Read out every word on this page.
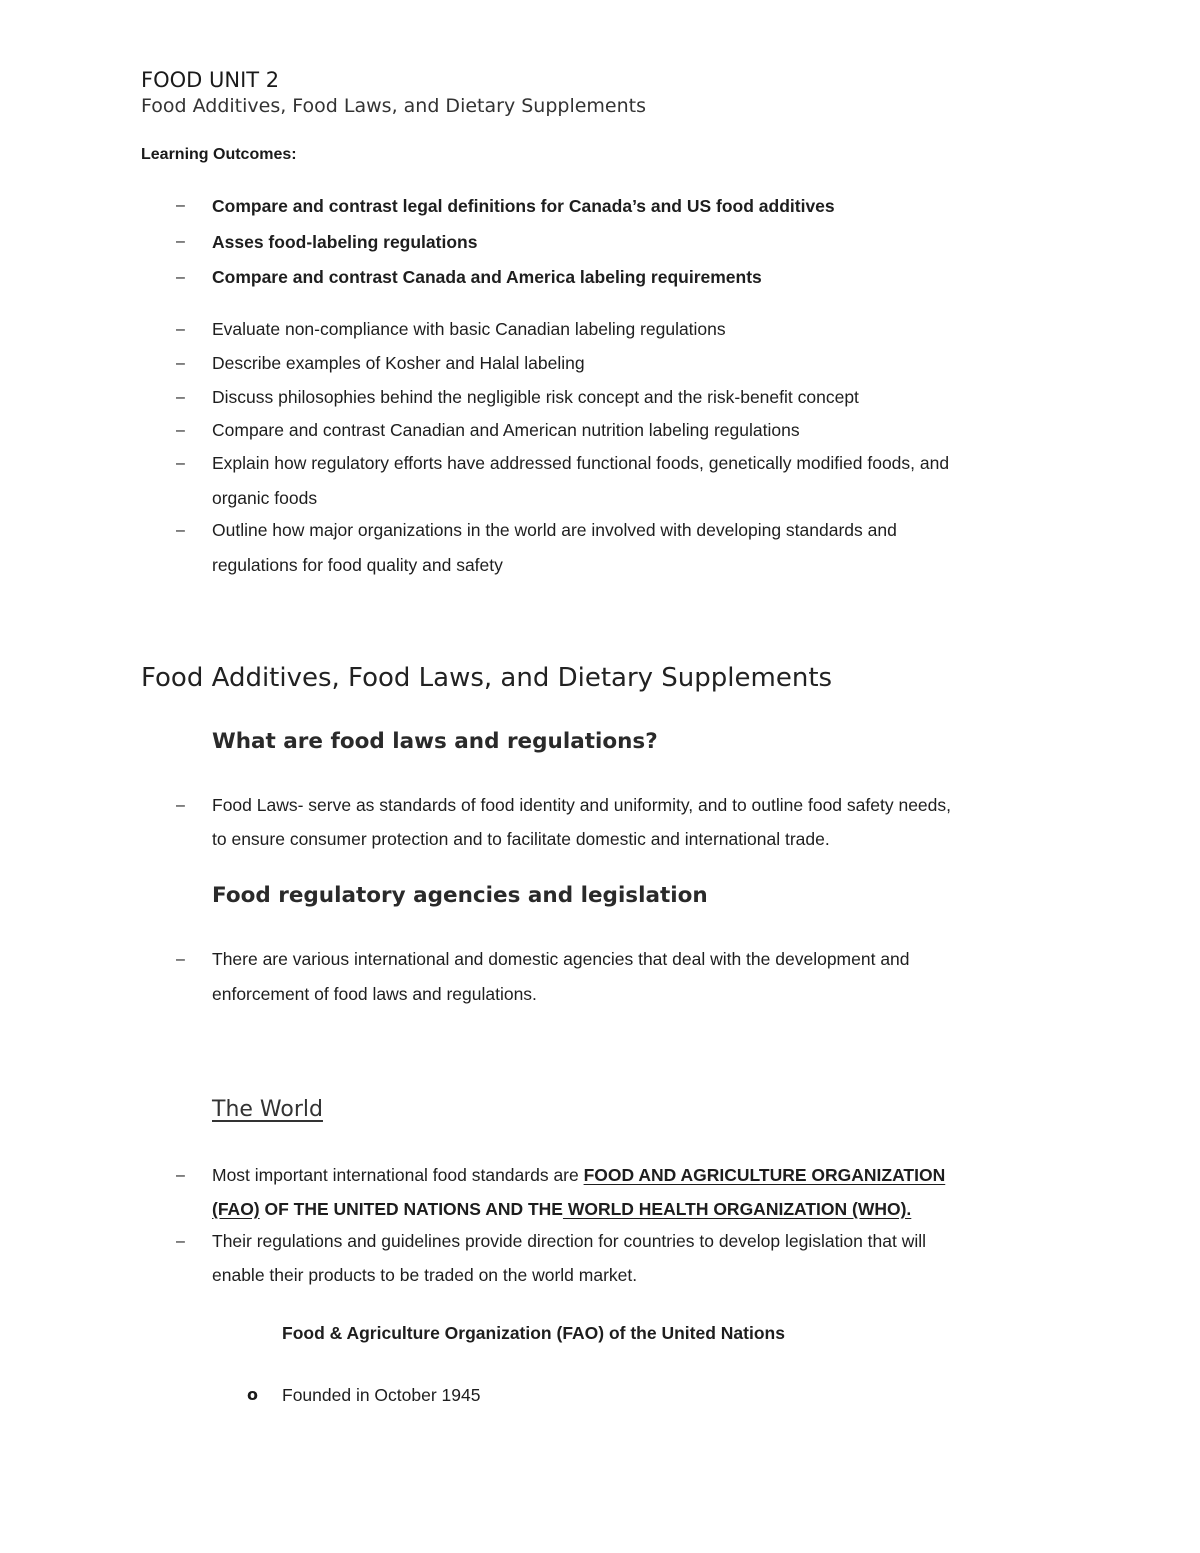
FOOD UNIT 2
Food Additives, Food Laws, and Dietary Supplements
Learning Outcomes:
– Compare and contrast legal definitions for Canada’s and US food additives
– Asses food-labeling regulations
– Compare and contrast Canada and America labeling requirements
– Evaluate non-compliance with basic Canadian labeling regulations
– Describe examples of Kosher and Halal labeling
– Discuss philosophies behind the negligible risk concept and the risk-benefit concept
– Compare and contrast Canadian and American nutrition labeling regulations
– Explain how regulatory efforts have addressed functional foods, genetically modified foods, and
organic foods
– Outline how major organizations in the world are involved with developing standards and
regulations for food quality and safety
Food Additives, Food Laws, and Dietary Supplements
What are food laws and regulations?
– Food Laws- serve as standards of food identity and uniformity, and to outline food safety needs,
to ensure consumer protection and to facilitate domestic and international trade.
Food regulatory agencies and legislation
– There are various international and domestic agencies that deal with the development and
enforcement of food laws and regulations.
The World
– Most important international food standards are FOOD AND AGRICULTURE ORGANIZATION
(FAO) OF THE UNITED NATIONS AND THE WORLD HEALTH ORGANIZATION (WHO).
– Their regulations and guidelines provide direction for countries to develop legislation that will
enable their products to be traded on the world market.
Food & Agriculture Organization (FAO) of the United Nations
o Founded in October 1945
